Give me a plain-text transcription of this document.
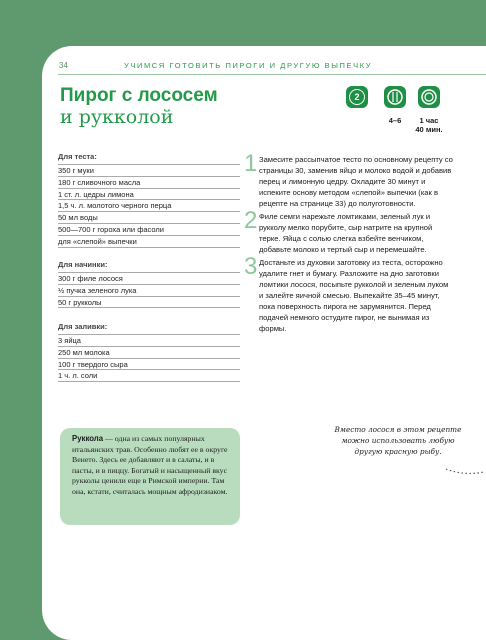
34	УЧИМСЯ ГОТОВИТЬ ПИРОГИ И ДРУГУЮ ВЫПЕЧКУ
Пирог с лососем
и рукколой
2
4–6	1 час
40 мин.
Для теста:
350 г муки
180 г сливочного масла
1 ст. л. цедры лимона
1,5 ч. л. молотого черного перца
50 мл воды
500—700 г гороха или фасоли
для «слепой» выпечки
Для начинки:
300 г филе лосося
½ пучка зеленого лука
50 г рукколы
Для заливки:
3 яйца
250 мл молока
100 г твердого сыра
1 ч. л. соли
1 Замесите рассыпчатое тесто по основному рецепту со страницы 30, заменив яйцо и молоко водой и добавив перец и лимонную цедру. Охладите 30 минут и испеките основу методом «слепой» выпечки (как в рецепте на странице 33) до полуготовности.
2 Филе семги нарежьте ломтиками, зеленый лук и рукколу мелко порубите, сыр натрите на крупной терке. Яйца с солью слегка взбейте венчиком, добавьте молоко и тертый сыр и перемешайте.
3 Достаньте из духовки заготовку из теста, осторожно удалите гнет и бумагу. Разложите на дно заготовки ломтики лосося, посыпьте рукколой и зеленым луком и залейте яичной смесью. Выпекайте 35–45 минут, пока поверхность пирога не зарумянится. Перед подачей немного остудите пирог, не вынимая из формы.
Руккола — одна из самых популярных итальянских трав. Особенно любят ее в округе Венето. Здесь ее добавляют и в салаты, и в пасты, и в пиццу. Богатый и насыщенный вкус рукколы ценили еще в Римской империи. Там она, кстати, считалась мощным афродизиаком.
Вместо лосося в этом рецепте можно использовать любую другую красную рыбу.
